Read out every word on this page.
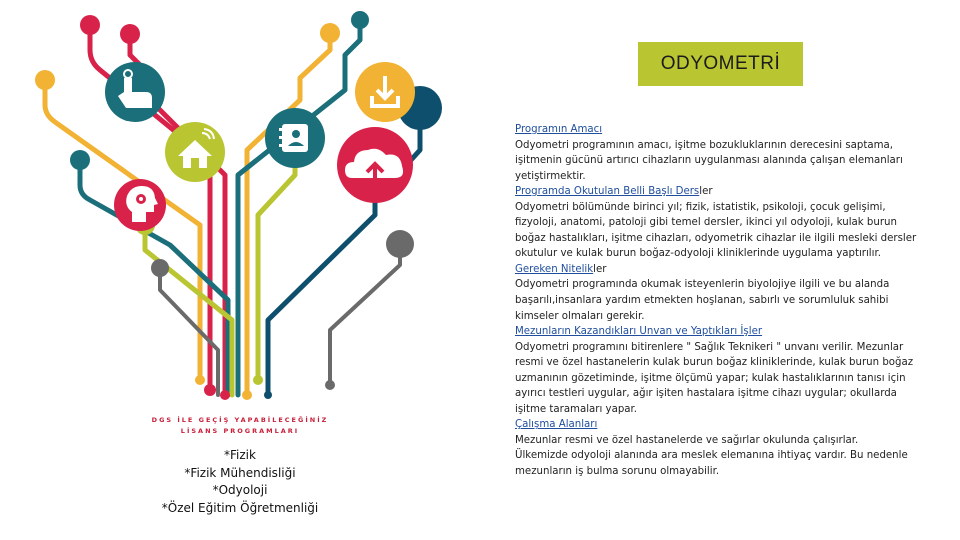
ODYOMETRİ
Programın Amacı
Odyometri programının amacı, işitme bozukluklarının derecesini saptama,
işitmenin gücünü artırıcı cihazların uygulanması alanında çalışan elemanları
yetiştirmektir.
Programda Okutulan Belli Başlı Dersler
Odyometri bölümünde birinci yıl; fizik, istatistik, psikoloji, çocuk gelişimi,
fizyoloji, anatomi, patoloji gibi temel dersler, ikinci yıl odyoloji, kulak burun
boğaz hastalıkları, işitme cihazları, odyometrik cihazlar ile ilgili mesleki dersler
okutulur ve kulak burun boğaz-odyoloji kliniklerinde uygulama yaptırılır.
Gereken Nitelikler
Odyometri programında okumak isteyenlerin biyolojiye ilgili ve bu alanda
başarılı,insanlara yardım etmekten hoşlanan, sabırlı ve sorumluluk sahibi
kimseler olmaları gerekir.
Mezunların Kazandıkları Unvan ve Yaptıkları İşler
Odyometri programını bitirenlere " Sağlık Teknikeri " unvanı verilir. Mezunlar
resmi ve özel hastanelerin kulak burun boğaz kliniklerinde, kulak burun boğaz
uzmanının gözetiminde, işitme ölçümü yapar; kulak hastalıklarının tanısı için
ayırıcı testleri uygular, ağır işiten hastalara işitme cihazı uygular; okullarda
işitme taramaları yapar.
Çalışma Alanları
Mezunlar resmi ve özel hastanelerde ve sağırlar okulunda çalışırlar.
Ülkemizde odyoloji alanında ara meslek elemanına ihtiyaç vardır. Bu nedenle
mezunların iş bulma sorunu olmayabilir.
DGS İLE GEÇİŞ YAPABİLECEĞİNİZ
LİSANS PROGRAMLARI
*Fizik
*Fizik Mühendisliği
*Odyoloji
*Özel Eğitim Öğretmenliği
